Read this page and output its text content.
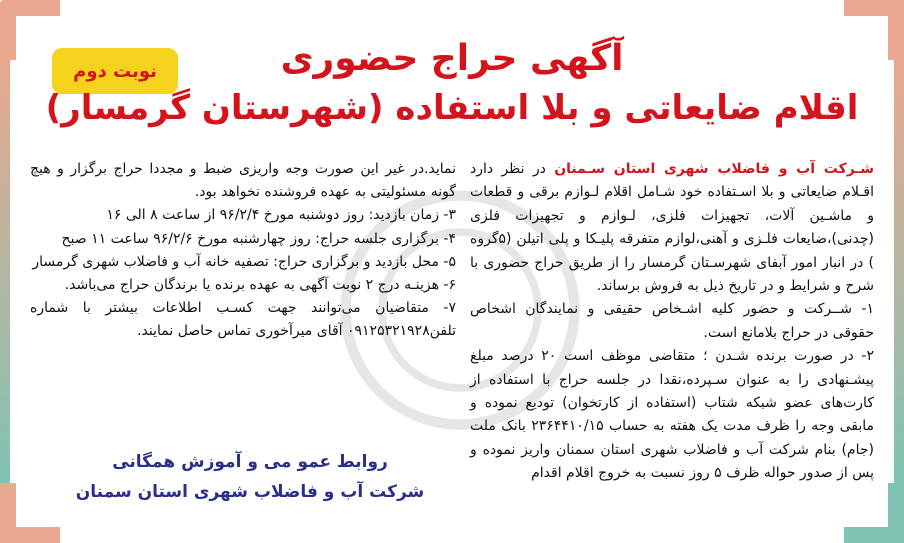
نوبت دوم	آگهی حراج حضوری
اقلام ضایعاتی و بلا استفاده (شهرستان گرمسار)

شـرکت آب و فاضلاب شهری استان سـمنان در نظر دارد اقـلام ضایعاتی و بلا اسـتفاده خود شـامل اقلام لـوازم برقی و قطعات و ماشـین آلات، تجهیزات فلزی، لـوازم و تجهیزات فلزی (چدنی)،ضایعات فلـزی و آهنی،لوازم متفرقه پلیـکا و پلی اتیلن (۵گروه ) در انبار امور آبفای شهرسـتان گرمسار را از طریق حراج حضوری با شرح و شرایط و در تاریخ ذیل به فروش برساند.

۱- شــرکت و حضور کلیه اشـخاص حقیقی و نمایندگان اشخاص حقوقی در حراج بلامانع است.

۲- در صورت برنده شـدن ؛ متقاضی موظف است ۲۰ درصد مبلغ پیشـنهادی را به عنوان سـپرده،نقدا در جلسه حراج با استفاده از کارت‌های عضو شبکه شتاب (استفاده از کارتخوان) تودیع نموده و مابقی وجه را ظرف مدت یک هفته به حساب ۲۳۶۴۴۱۰/۱۵ بانک ملت (جام) بنام شرکت آب و فاضلاب شهری استان سمنان واریز نموده و پس از صدور حواله ظرف ۵ روز نسبت به خروج اقلام اقدام

نماید.در غیر این صورت وجه واریزی ضبط و مجددا حراج برگزار و هیچ گونه مسئولیتی به عهده فروشنده نخواهد بود.

۳- زمان بازدید: روز دوشنبه مورخ ۹۶/۲/۴ از ساعت ۸ الی ۱۶

۴- برگزاری جلسه حراج: روز چهارشنبه مورخ ۹۶/۲/۶ ساعت ۱۱ صبح

۵- محل بازدید و برگزاری حراج: تصفیه خانه آب و فاضلاب شهری گرمسار

۶- هزینـه درج ۲ نوبت آگهی به عهده برنده یا برندگان حراج می‌باشد.

۷- متقاضیان می‌توانند جهت کسـب اطلاعات بیشتر با شماره تلفن۰۹۱۲۵۳۲۱۹۲۸ آقای میرآخوری تماس حاصل نمایند.

روابط عمو می و آموزش همگانی
شرکت آب و فاضلاب شهری استان سمنان
